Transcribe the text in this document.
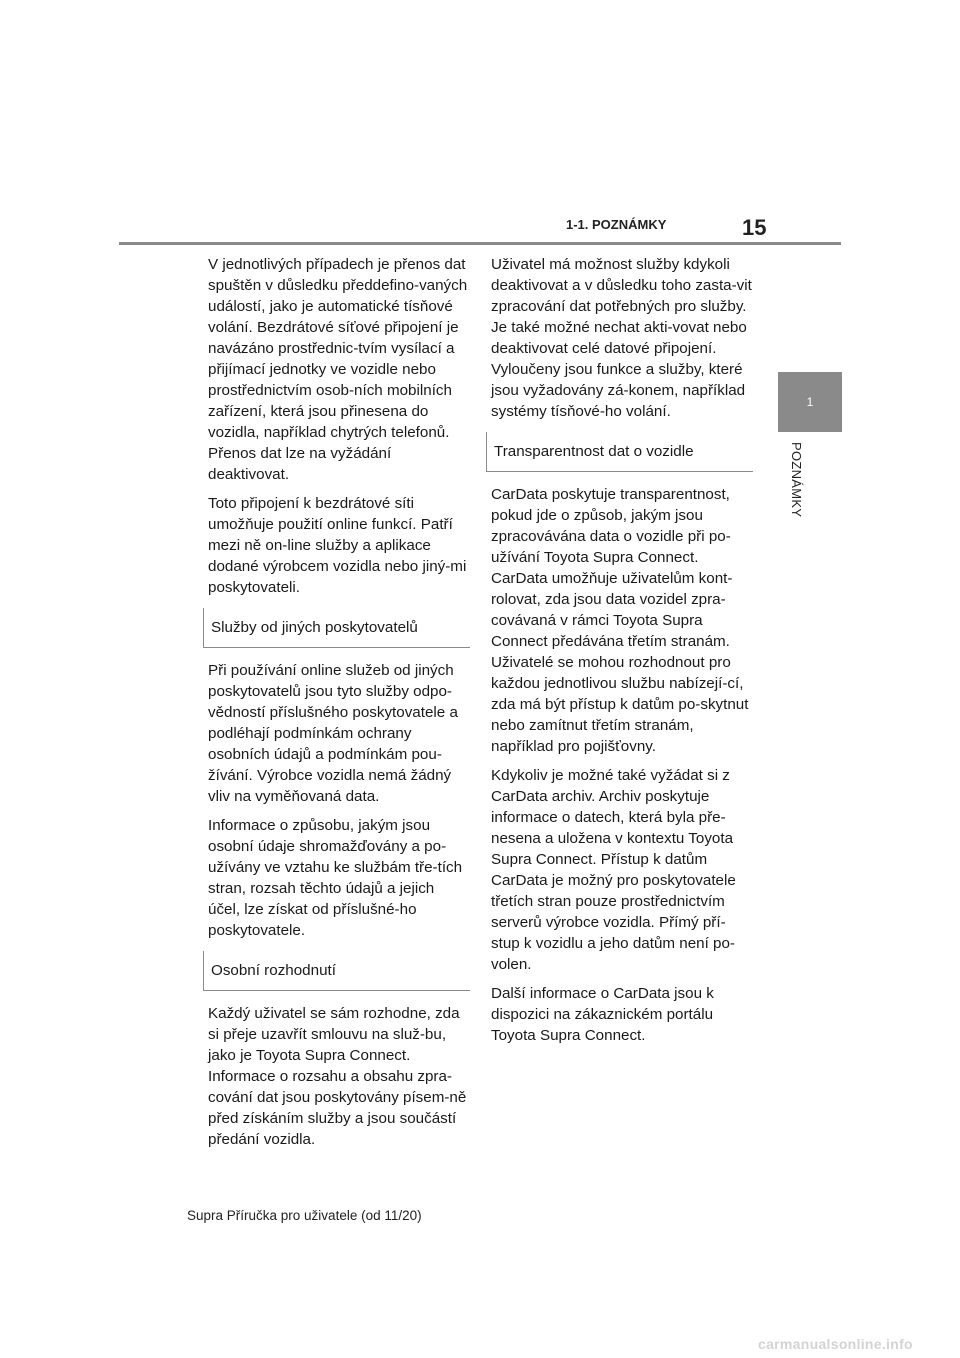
1-1. POZNÁMKY	15
1
POZNÁMKY

V jednotlivých případech je přenos dat spuštěn v důsledku předdefino-vaných událostí, jako je automatické tísňové volání. Bezdrátové síťové připojení je navázáno prostřednic-tvím vysílací a přijímací jednotky ve vozidle nebo prostřednictvím osob-ních mobilních zařízení, která jsou přinesena do vozidla, například chytrých telefonů. Přenos dat lze na vyžádání deaktivovat.

Toto připojení k bezdrátové síti umožňuje použití online funkcí. Patří mezi ně on-line služby a aplikace dodané výrobcem vozidla nebo jiný-mi poskytovateli.

Služby od jiných poskytovatelů

Při používání online služeb od jiných poskytovatelů jsou tyto služby odpo-vědností příslušného poskytovatele a podléhají podmínkám ochrany osobních údajů a podmínkám pou-žívání. Výrobce vozidla nemá žádný vliv na vyměňovaná data.

Informace o způsobu, jakým jsou osobní údaje shromažďovány a po-užívány ve vztahu ke službám tře-tích stran, rozsah těchto údajů a jejich účel, lze získat od příslušné-ho poskytovatele.

Osobní rozhodnutí

Každý uživatel se sám rozhodne, zda si přeje uzavřít smlouvu na služ-bu, jako je Toyota Supra Connect. Informace o rozsahu a obsahu zpra-cování dat jsou poskytovány písem-ně před získáním služby a jsou součástí předání vozidla.

Uživatel má možnost služby kdykoli deaktivovat a v důsledku toho zasta-vit zpracování dat potřebných pro služby. Je také možné nechat akti-vovat nebo deaktivovat celé datové připojení. Vyloučeny jsou funkce a služby, které jsou vyžadovány zá-konem, například systémy tísňové-ho volání.

Transparentnost dat o vozidle

CarData poskytuje transparentnost, pokud jde o způsob, jakým jsou zpracovávána data o vozidle při po-užívání Toyota Supra Connect. CarData umožňuje uživatelům kont-rolovat, zda jsou data vozidel zpra-covávaná v rámci Toyota Supra Connect předávána třetím stranám. Uživatelé se mohou rozhodnout pro každou jednotlivou službu nabízejí-cí, zda má být přístup k datům po-skytnut nebo zamítnut třetím stranám, například pro pojišťovny.

Kdykoliv je možné také vyžádat si z CarData archiv. Archiv poskytuje informace o datech, která byla pře-nesena a uložena v kontextu Toyota Supra Connect. Přístup k datům CarData je možný pro poskytovatele třetích stran pouze prostřednictvím serverů výrobce vozidla. Přímý pří-stup k vozidlu a jeho datům není po-volen.

Další informace o CarData jsou k dispozici na zákaznickém portálu Toyota Supra Connect.

Supra Příručka pro uživatele (od 11/20)
carmanualsonline.info
